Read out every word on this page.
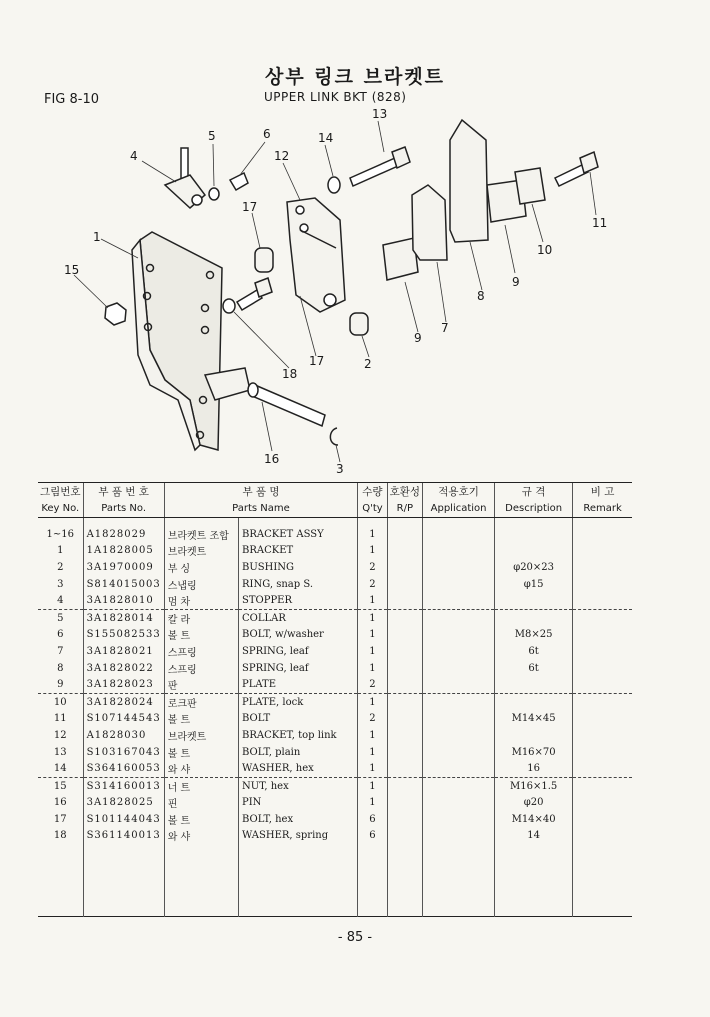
상부 링크 브라켓트
FIG 8-10	UPPER LINK BKT (828)
13
5	6	14
4	12
17
1
15
11
10
9
8
7
9
2
17
18
16
3
그림번호	부 품 번 호	부 품 명		수량	호환성	적용호기	규 격	비 고
Key No.	Parts No.	Parts Name		Q'ty	R/P	Application	Description	Remark
1~16	A1828029	브라켓트 조합	BRACKET ASSY	1				
1	1A1828005	브라켓트	BRACKET	1				
2	3A1970009	부 싱	BUSHING	2			φ20×23	
3	S814015003	스냅링	RING, snap S.	2			φ15	
4	3A1828010	멈 차	STOPPER	1				
5	3A1828014	칼 라	COLLAR	1				
6	S155082533	볼 트	BOLT, w/washer	1			M8×25	
7	3A1828021	스프링	SPRING, leaf	1			6t	
8	3A1828022	스프링	SPRING, leaf	1			6t	
9	3A1828023	판	PLATE	2				
10	3A1828024	로크판	PLATE, lock	1				
11	S107144543	볼 트	BOLT	2			M14×45	
12	A1828030	브라켓트	BRACKET, top link	1				
13	S103167043	볼 트	BOLT, plain	1			M16×70	
14	S364160053	와 샤	WASHER, hex	1			16	
15	S314160013	너 트	NUT, hex	1			M16×1.5	
16	3A1828025	핀	PIN	1			φ20	
17	S101144043	볼 트	BOLT, hex	6			M14×40	
18	S361140013	와 샤	WASHER, spring	6			14	

- 85 -
